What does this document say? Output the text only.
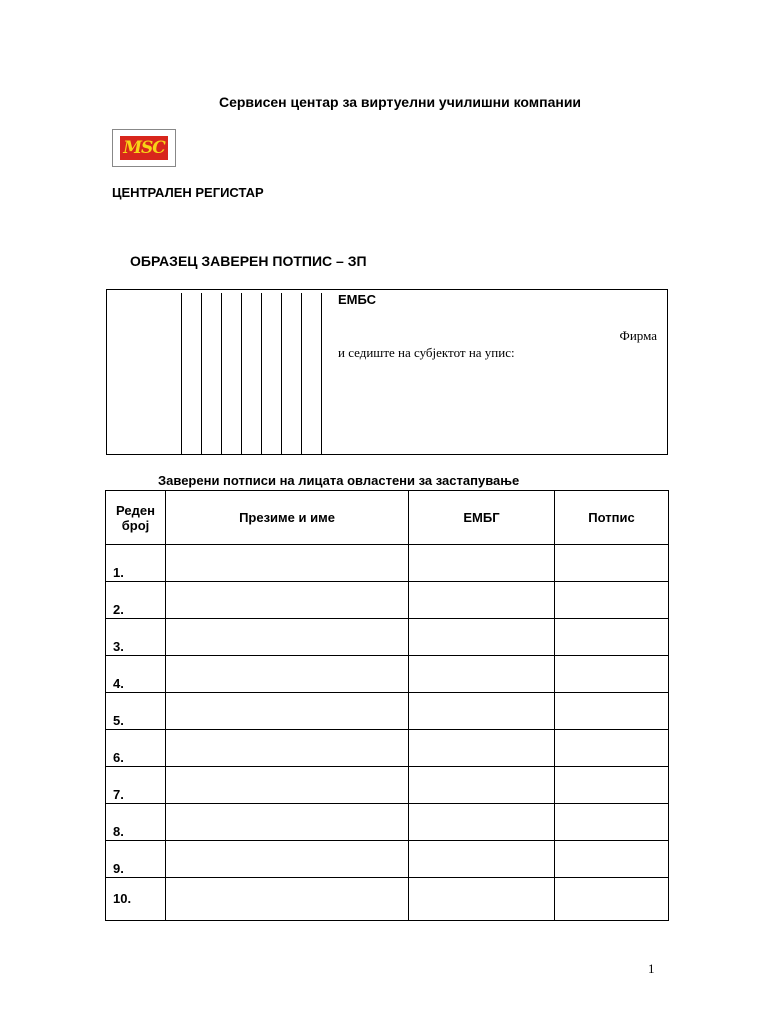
Сервисен центар за виртуелни училишни компании
MSC
ЦЕНТРАЛЕН РЕГИСТАР
ОБРАЗЕЦ ЗАВЕРЕН ПОТПИС – ЗП
ЕМБС
Фирма
и седиште на субјектот на упис:
Заверени потписи на лицата овластени за застапување
Реден број	Презиме и име	ЕМБГ	Потпис
1.			
2.			
3.			
4.			
5.			
6.			
7.			
8.			
9.			
10.			
1
